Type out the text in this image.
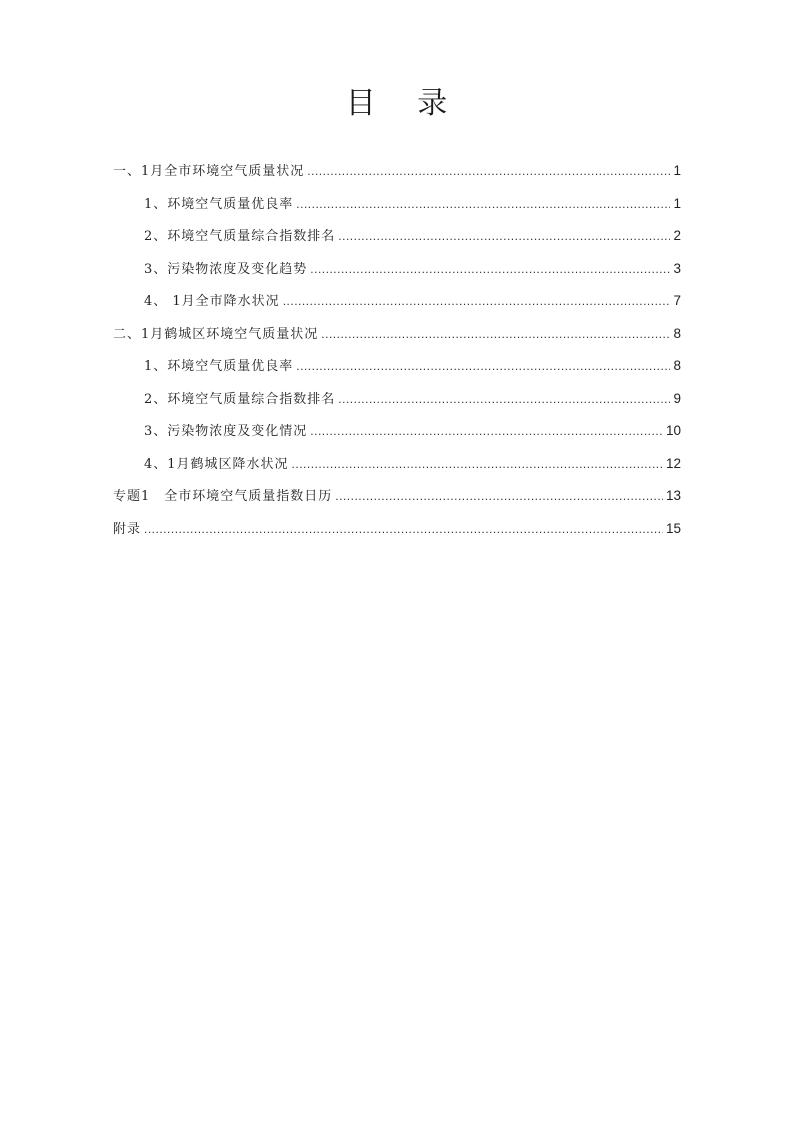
目 录
一、1月全市环境空气质量状况 .....	1
1、环境空气质量优良率 .....	1
2、环境空气质量综合指数排名 .....	2
3、污染物浓度及变化趋势 .....	3
4、 1月全市降水状况 .....	7
二、1月鹤城区环境空气质量状况 .....	8
1、环境空气质量优良率 .....	8
2、环境空气质量综合指数排名 .....	9
3、污染物浓度及变化情况 .....	10
4、1月鹤城区降水状况 .....	12
专题1　全市环境空气质量指数日历 .....	13
附录 .....	15
